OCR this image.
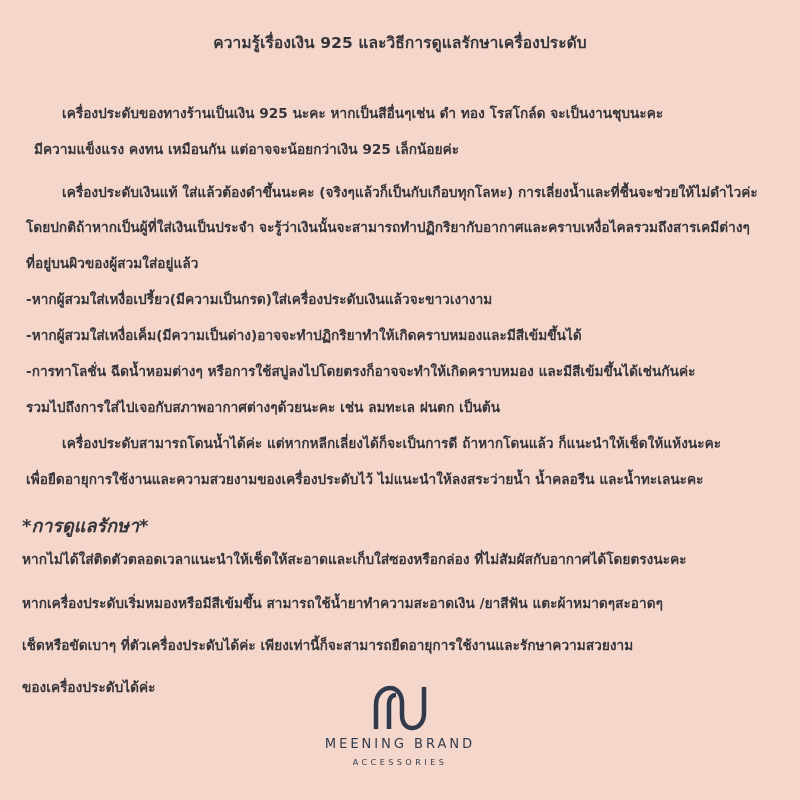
ความรู้เรื่องเงิน 925 และวิธีการดูแลรักษาเครื่องประดับ
เครื่องประดับของทางร้านเป็นเงิน 925 นะคะ หากเป็นสีอื่นๆเช่น ดำ ทอง โรสโกล์ด จะเป็นงานชุบนะคะ
มีความแข็งแรง คงทน เหมือนกัน แต่อาจจะน้อยกว่าเงิน 925 เล็กน้อยค่ะ
เครื่องประดับเงินแท้ ใส่แล้วต้องดำขึ้นนะคะ (จริงๆแล้วก็เป็นกับเกือบทุกโลหะ) การเลี่ยงน้ำและที่ชื้นจะช่วยให้ไม่ดำไวค่ะ
โดยปกติถ้าหากเป็นผู้ที่ใส่เงินเป็นประจำ จะรู้ว่าเงินนั้นจะสามารถทำปฏิกริยากับอากาศและคราบเหงื่อไคลรวมถึงสารเคมีต่างๆ
ที่อยู่บนผิวของผู้สวมใส่อยู่แล้ว
-หากผู้สวมใส่เหงื่อเปรี้ยว(มีความเป็นกรด)ใส่เครื่องประดับเงินแล้วจะขาวเงางาม
-หากผู้สวมใส่เหงื่อเค็ม(มีความเป็นด่าง)อาจจะทำปฏิกริยาทำให้เกิดคราบหมองและมีสีเข้มขึ้นได้
-การทาโลชั่น ฉีดน้ำหอมต่างๆ หรือการใช้สบู่ลงไปโดยตรงก็อาจจะทำให้เกิดคราบหมอง และมีสีเข้มขึ้นได้เช่นกันค่ะ
รวมไปถึงการใส่ไปเจอกับสภาพอากาศต่างๆด้วยนะคะ เช่น ลมทะเล ฝนตก เป็นต้น
เครื่องประดับสามารถโดนน้ำได้ค่ะ แต่หากหลีกเลี่ยงได้ก็จะเป็นการดี ถ้าหากโดนแล้ว ก็แนะนำให้เช็ดให้แห้งนะคะ
เพื่อยืดอายุการใช้งานและความสวยงามของเครื่องประดับไว้ ไม่แนะนำให้ลงสระว่ายน้ำ น้ำคลอรีน และน้ำทะเลนะคะ
*การดูแลรักษา*
หากไม่ได้ใส่ติดตัวตลอดเวลาแนะนำให้เช็ดให้สะอาดและเก็บใส่ซองหรือกล่อง ที่ไม่สัมผัสกับอากาศได้โดยตรงนะคะ
หากเครื่องประดับเริ่มหมองหรือมีสีเข้มขึ้น สามารถใช้น้ำยาทำความสะอาดเงิน /ยาสีฟัน แตะผ้าหมาดๆสะอาดๆ
เช็ดหรือขัดเบาๆ ที่ตัวเครื่องประดับได้ค่ะ เพียงเท่านี้ก็จะสามารถยืดอายุการใช้งานและรักษาความสวยงาม
ของเครื่องประดับได้ค่ะ
MEENING BRAND
ACCESSORIES
